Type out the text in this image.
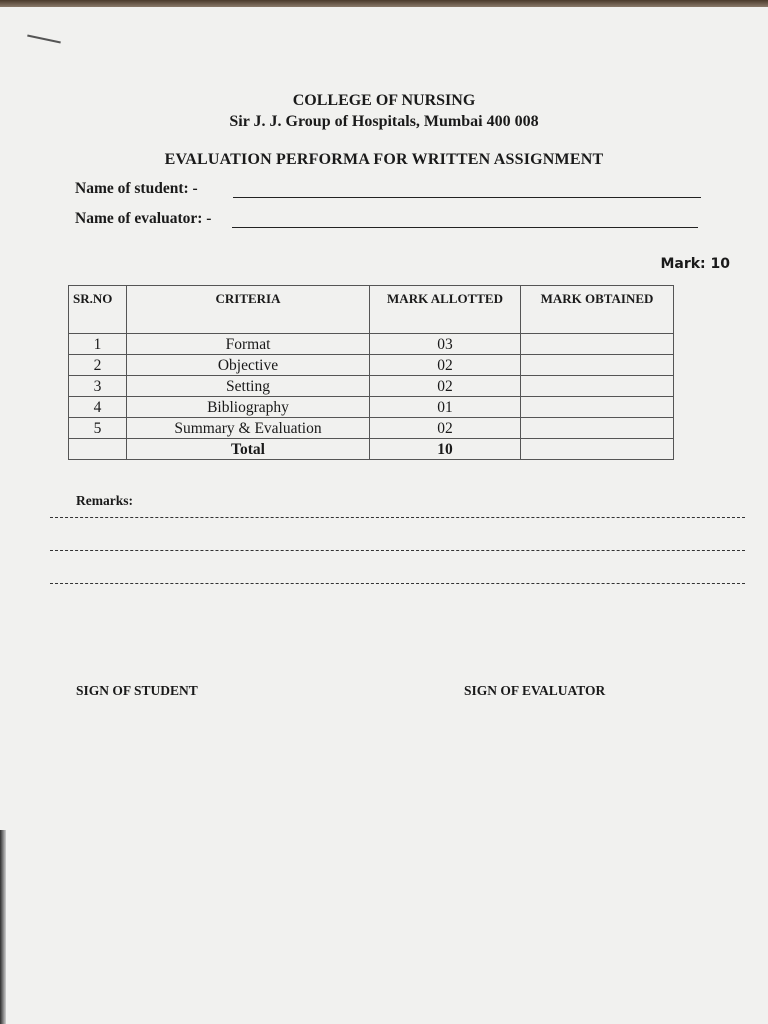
COLLEGE OF NURSING
Sir J. J. Group of Hospitals, Mumbai 400 008
EVALUATION PERFORMA FOR WRITTEN ASSIGNMENT
Name of student: -
Name of evaluator: -
Mark: 10
SR.NO	CRITERIA	MARK ALLOTTED	MARK OBTAINED
1	Format	03	
2	Objective	02	
3	Setting	02	
4	Bibliography	01	
5	Summary & Evaluation	02	
	Total	10	
Remarks:
SIGN OF STUDENT	SIGN OF EVALUATOR
